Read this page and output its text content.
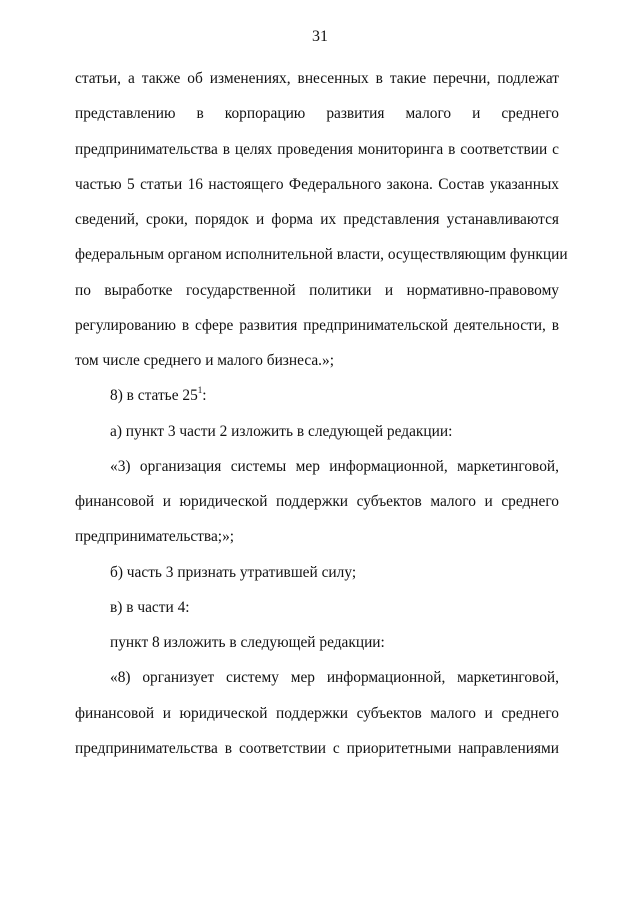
31
статьи, а также об изменениях, внесенных в такие перечни, подлежат
представлению в корпорацию развития малого и среднего
предпринимательства в целях проведения мониторинга в соответствии с
частью 5 статьи 16 настоящего Федерального закона. Состав указанных
сведений, сроки, порядок и форма их представления устанавливаются
федеральным органом исполнительной власти, осуществляющим функции
по выработке государственной политики и нормативно-правовому
регулированию в сфере развития предпринимательской деятельности, в
том числе среднего и малого бизнеса.»;
8) в статье $25^1$:
а) пункт 3 части 2 изложить в следующей редакции:
«3) организация системы мер информационной, маркетинговой,
финансовой и юридической поддержки субъектов малого и среднего
предпринимательства;»;
б) часть 3 признать утратившей силу;
в) в части 4:
пункт 8 изложить в следующей редакции:
«8) организует систему мер информационной, маркетинговой,
финансовой и юридической поддержки субъектов малого и среднего
предпринимательства в соответствии с приоритетными направлениями
